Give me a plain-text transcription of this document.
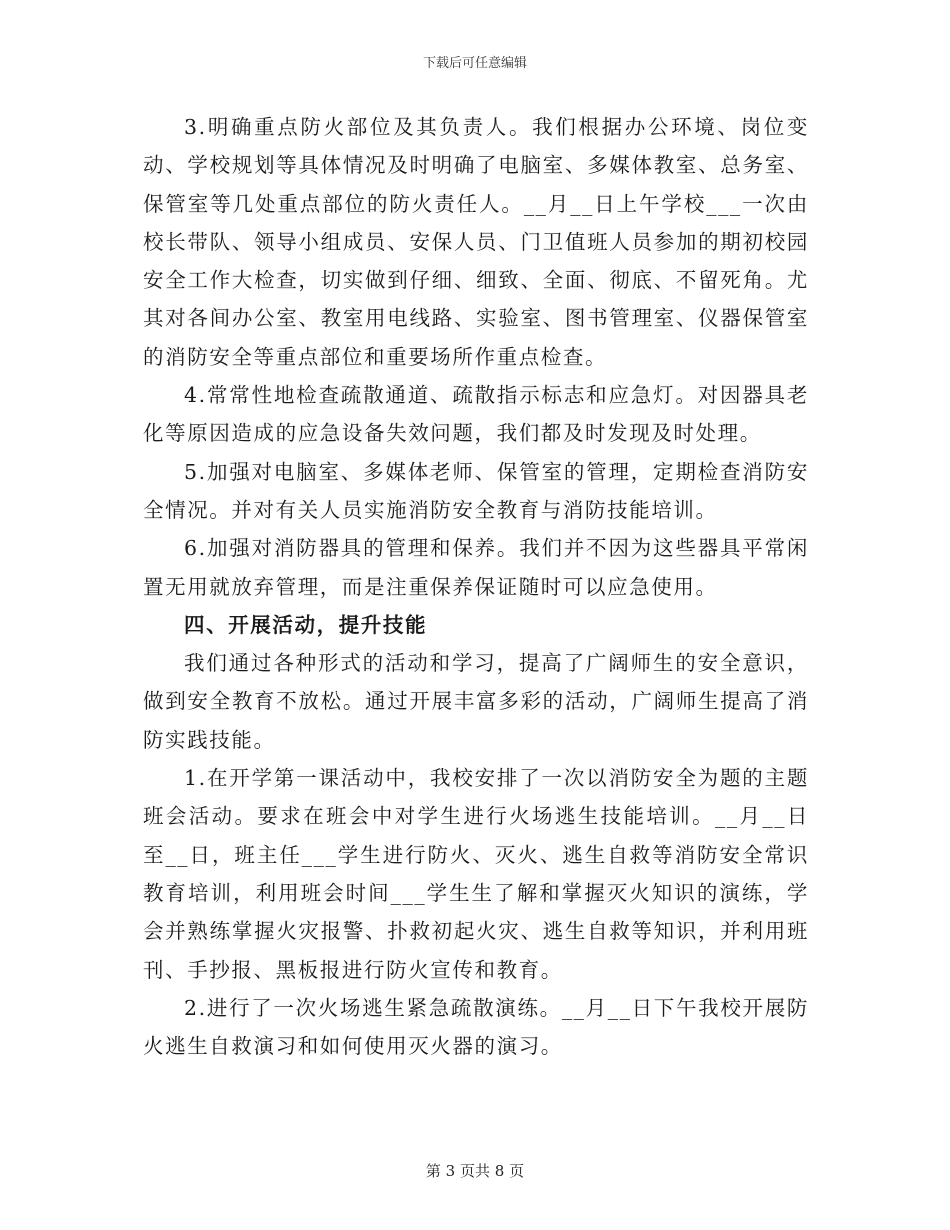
下载后可任意编辑

3.明确重点防火部位及其负责人。我们根据办公环境、岗位变动、学校规划等具体情况及时明确了电脑室、多媒体教室、总务室、保管室等几处重点部位的防火责任人。__月__日上午学校___一次由校长带队、领导小组成员、安保人员、门卫值班人员参加的期初校园安全工作大检查，切实做到仔细、细致、全面、彻底、不留死角。尤其对各间办公室、教室用电线路、实验室、图书管理室、仪器保管室的消防安全等重点部位和重要场所作重点检查。

4.常常性地检查疏散通道、疏散指示标志和应急灯。对因器具老化等原因造成的应急设备失效问题，我们都及时发现及时处理。

5.加强对电脑室、多媒体老师、保管室的管理，定期检查消防安全情况。并对有关人员实施消防安全教育与消防技能培训。

6.加强对消防器具的管理和保养。我们并不因为这些器具平常闲置无用就放弃管理，而是注重保养保证随时可以应急使用。

四、开展活动，提升技能

我们通过各种形式的活动和学习，提高了广阔师生的安全意识，做到安全教育不放松。通过开展丰富多彩的活动，广阔师生提高了消防实践技能。

1.在开学第一课活动中，我校安排了一次以消防安全为题的主题班会活动。要求在班会中对学生进行火场逃生技能培训。__月__日至__日，班主任___学生进行防火、灭火、逃生自救等消防安全常识教育培训，利用班会时间___学生生了解和掌握灭火知识的演练，学会并熟练掌握火灾报警、扑救初起火灾、逃生自救等知识，并利用班刊、手抄报、黑板报进行防火宣传和教育。

2.进行了一次火场逃生紧急疏散演练。__月__日下午我校开展防火逃生自救演习和如何使用灭火器的演习。

第 3 页共 8 页
